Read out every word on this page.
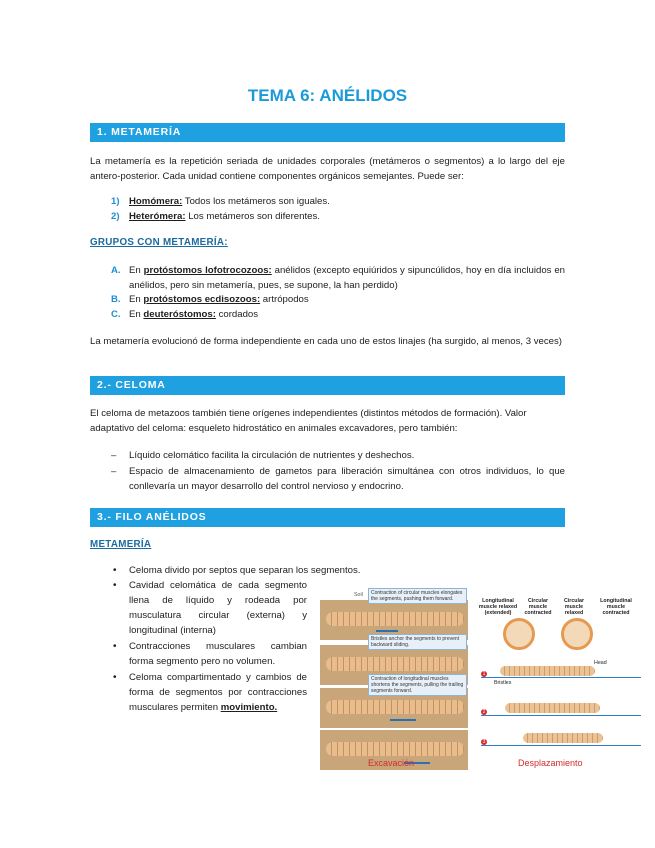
TEMA 6: ANÉLIDOS
1. METAMERÍA
La metamería es la repetición seriada de unidades corporales (metámeros o segmentos) a lo largo del eje antero-posterior. Cada unidad contiene componentes orgánicos semejantes. Puede ser:
1) Homómera: Todos los metámeros son iguales.
2) Heterómera: Los metámeros son diferentes.
GRUPOS CON METAMERÍA:
A. En protóstomos lofotrocozoos: anélidos (excepto equiúridos y sipuncúlidos, hoy en día incluidos en anélidos, pero sin metamería, pues, se supone, la han perdido)
B. En protóstomos ecdisozoos: artrópodos
C. En deuteróstomos: cordados
La metamería evolucionó de forma independiente en cada uno de estos linajes (ha surgido, al menos, 3 veces)
2.- CELOMA
El celoma de metazoos también tiene orígenes independientes (distintos métodos de formación). Valor adaptativo del celoma: esqueleto hidrostático en animales excavadores, pero también:
– Líquido celomático facilita la circulación de nutrientes y deshechos.
– Espacio de almacenamiento de gametos para liberación simultánea con otros individuos, lo que conllevaría un mayor desarrollo del control nervioso y endocrino.
3.- FILO ANÉLIDOS
METAMERÍA
• Celoma divido por septos que separan los segmentos.
• Cavidad celomática de cada segmento llena de líquido y rodeada por musculatura circular (externa) y longitudinal (interna)
• Contracciones musculares cambian forma segmento pero no volumen.
• Celoma compartimentado y cambios de forma de segmentos por contracciones musculares permiten movimiento.
Soil	Contraction of circular muscles elongates the segments, pushing them forward.
Bristles anchor the segments to prevent backward sliding.
Contraction of longitudinal muscles shortens the segments, pulling the trailing segments forward.
Longitudinal muscle relaxed (extended)
Circular muscle contracted
Circular muscle relaxed
Longitudinal muscle contracted
Head
Bristles
1
2
3
Excavación	Desplazamiento
